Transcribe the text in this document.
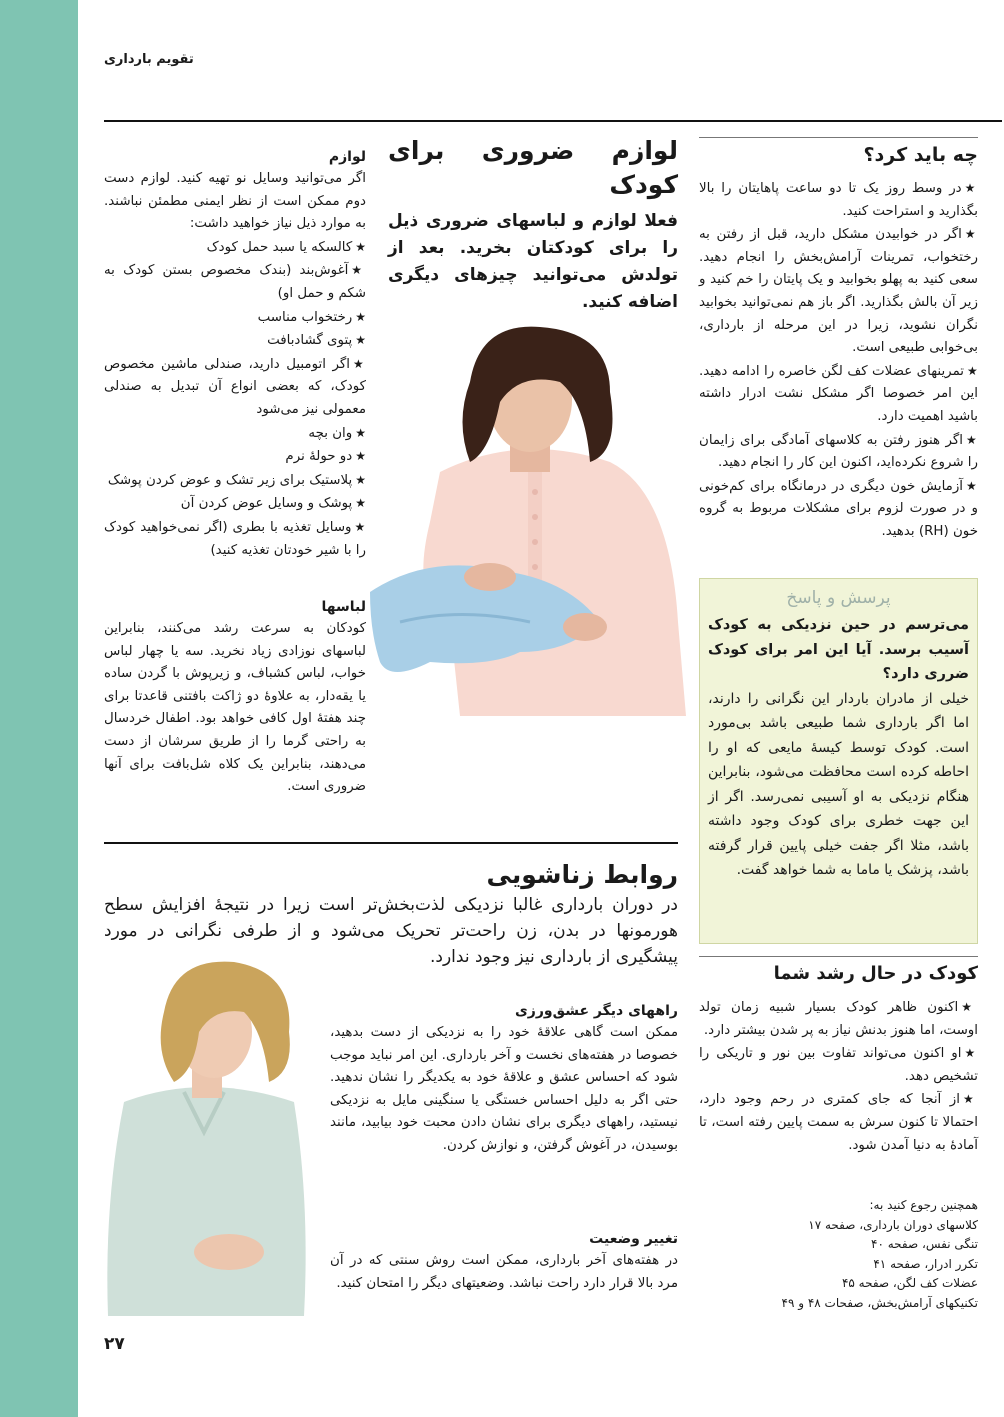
تقویم بارداری
۲۷

چه باید کرد؟

★در وسط روز یک تا دو ساعت پاهایتان را بالا بگذارید و استراحت کنید.
★اگر در خوابیدن مشکل دارید، قبل از رفتن به رختخواب، تمرینات آرامش‌بخش را انجام دهید. سعی کنید به پهلو بخوابید و یک پایتان را خم کنید و زیر آن بالش بگذارید. اگر باز هم نمی‌توانید بخوابید نگران نشوید، زیرا در این مرحله از بارداری، بی‌خوابی طبیعی است.
★تمرینهای عضلات کف لگن خاصره را ادامه دهید. این امر خصوصا اگر مشکل نشت ادرار داشته باشید اهمیت دارد.
★اگر هنوز رفتن به کلاسهای آمادگی برای زایمان را شروع نکرده‌اید، اکنون این کار را انجام دهید.
★آزمایش خون دیگری در درمانگاه برای کم‌خونی و در صورت لزوم برای مشکلات مربوط به گروه خون (RH) بدهید.

پرسش و پاسخ

می‌ترسم در حین نزدیکی به کودک آسیب برسد. آیا این امر برای کودک ضرری دارد؟

خیلی از مادران باردار این نگرانی را دارند، اما اگر بارداری شما طبیعی باشد بی‌مورد است. کودک توسط کیسهٔ مایعی که او را احاطه کرده است محافظت می‌شود، بنابراین هنگام نزدیکی به او آسیبی نمی‌رسد. اگر از این جهت خطری برای کودک وجود داشته باشد، مثلا اگر جفت خیلی پایین قرار گرفته باشد، پزشک یا ماما به شما خواهد گفت.

کودک در حال رشد شما

★اکنون ظاهر کودک بسیار شبیه زمان تولد اوست، اما هنوز بدنش نیاز به پر شدن بیشتر دارد.
★او اکنون می‌تواند تفاوت بین نور و تاریکی را تشخیص دهد.
★از آنجا که جای کمتری در رحم وجود دارد، احتمالا تا کنون سرش به سمت پایین رفته است، تا آمادهٔ به دنیا آمدن شود.

همچنین رجوع کنید به:

کلاسهای دوران بارداری، صفحه ۱۷

تنگی نفس، صفحه ۴۰

تکرر ادرار، صفحه ۴۱

عضلات کف لگن، صفحه ۴۵

تکنیکهای آرامش‌بخش، صفحات ۴۸ و ۴۹

لوازم ضروری برای کودک

فعلا لوازم و لباسهای ضروری ذیل را برای کودکتان بخرید. بعد از تولدش می‌توانید چیزهای دیگری اضافه کنید.

لوازم

اگر می‌توانید وسایل نو تهیه کنید. لوازم دست دوم ممکن است از نظر ایمنی مطمئن نباشند. به موارد ذیل نیاز خواهید داشت:

★کالسکه یا سبد حمل کودک
★آغوش‌بند (بندک مخصوص بستن کودک به شکم و حمل او)
★رختخواب مناسب
★پتوی گشادبافت
★اگر اتومبیل دارید، صندلی ماشین مخصوص کودک، که بعضی انواع آن تبدیل به صندلی معمولی نیز می‌شود
★وان بچه
★دو حولهٔ نرم
★پلاستیک برای زیر تشک و عوض کردن پوشک
★پوشک و وسایل عوض کردن آن
★وسایل تغذیه با بطری (اگر نمی‌خواهید کودک را با شیر خودتان تغذیه کنید)

لباسها

کودکان به سرعت رشد می‌کنند، بنابراین لباسهای نوزادی زیاد نخرید. سه یا چهار لباس خواب، لباس کشباف، و زیرپوش با گردن ساده یا یقه‌دار، به علاوهٔ دو ژاکت بافتنی قاعدتا برای چند هفتهٔ اول کافی خواهد بود. اطفال خردسال به راحتی گرما را از طریق سرشان از دست می‌دهند، بنابراین یک کلاه شل‌بافت برای آنها ضروری است.

روابط زناشویی

در دوران بارداری غالبا نزدیکی لذت‌بخش‌تر است زیرا در نتیجهٔ افزایش سطح هورمونها در بدن، زن راحت‌تر تحریک می‌شود و از طرفی نگرانی در مورد پیشگیری از بارداری نیز وجود ندارد.

راههای دیگر عشق‌ورزی

ممکن است گاهی علاقهٔ خود را به نزدیکی از دست بدهید، خصوصا در هفته‌های نخست و آخر بارداری. این امر نباید موجب شود که احساس عشق و علاقهٔ خود به یکدیگر را نشان ندهید. حتی اگر به دلیل احساس خستگی یا سنگینی مایل به نزدیکی نیستید، راههای دیگری برای نشان دادن محبت خود بیابید، مانند بوسیدن، در آغوش گرفتن، و نوازش کردن.

تغییر وضعیت

در هفته‌های آخر بارداری، ممکن است روش سنتی که در آن مرد بالا قرار دارد راحت نباشد. وضعیتهای دیگر را امتحان کنید.
